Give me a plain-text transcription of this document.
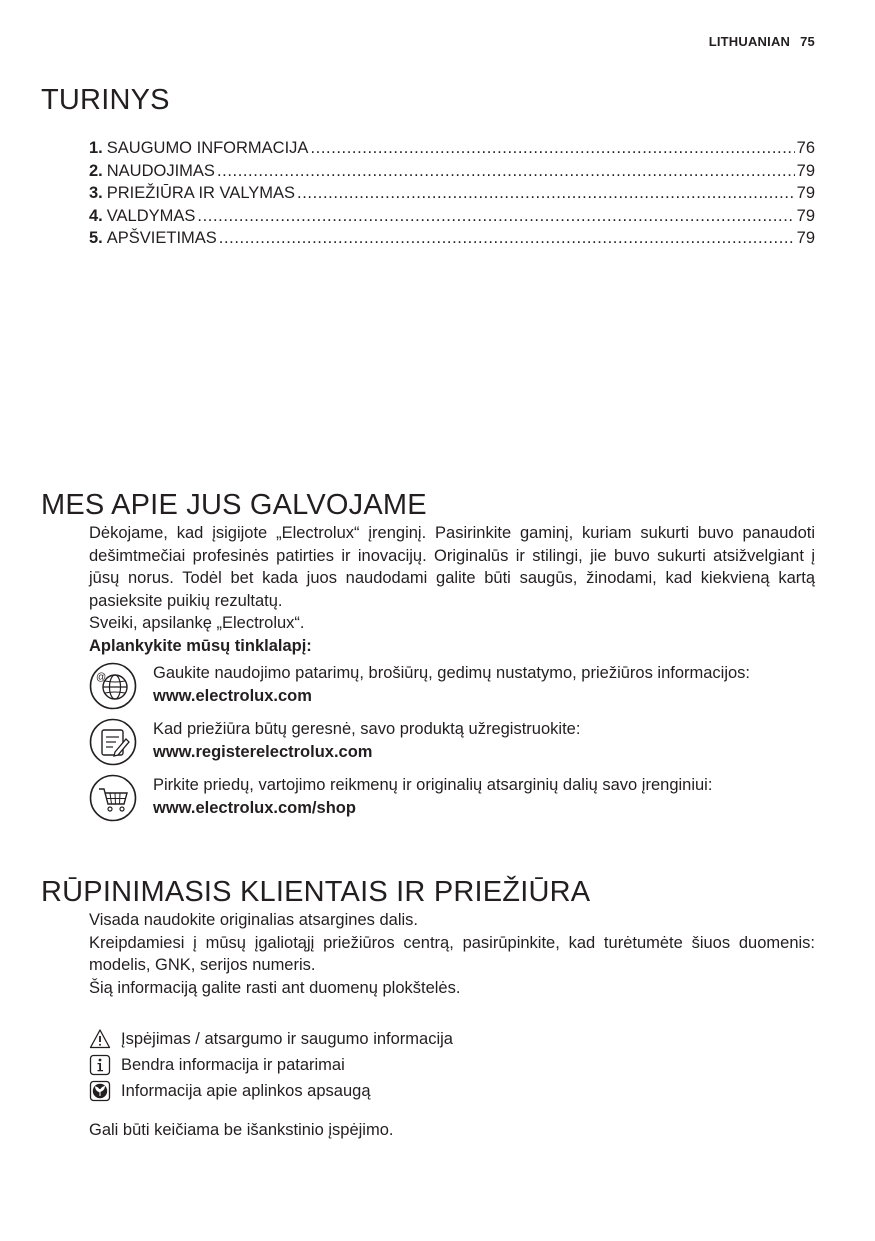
LITHUANIAN 75
TURINYS
1. SAUGUMO INFORMACIJA .....	76
2. NAUDOJIMAS .....	79
3. PRIEŽIŪRA IR VALYMAS .....	79
4. VALDYMAS .....	79
5. APŠVIETIMAS .....	79
MES APIE JUS GALVOJAME

Dėkojame, kad įsigijote „Electrolux“ įrenginį. Pasirinkite gaminį, kuriam sukurti buvo panaudoti dešimtmečiai profesinės patirties ir inovacijų. Originalūs ir stilingi, jie buvo sukurti atsižvelgiant į jūsų norus. Todėl bet kada juos naudodami galite būti saugūs, žinodami, kad kiekvieną kartą pasieksite puikių rezultatų.

Sveiki, apsilankę „Electrolux“.

Aplankykite mūsų tinklalapį:

@	Gaukite naudojimo patarimų, brošiūrų, gedimų nustatymo, priežiūros informacijos:
www.electrolux.com
Kad priežiūra būtų geresnė, savo produktą užregistruokite:
www.registerelectrolux.com
Pirkite priedų, vartojimo reikmenų ir originalių atsarginių dalių savo įrenginiui:
www.electrolux.com/shop
RŪPINIMASIS KLIENTAIS IR PRIEŽIŪRA

Visada naudokite originalias atsargines dalis.

Kreipdamiesi į mūsų įgaliotąjį priežiūros centrą, pasirūpinkite, kad turėtumėte šiuos duomenis: modelis, GNK, serijos numeris.

Šią informaciją galite rasti ant duomenų plokštelės.

Įspėjimas / atsargumo ir saugumo informacija
Bendra informacija ir patarimai
Informacija apie aplinkos apsaugą

Gali būti keičiama be išankstinio įspėjimo.
